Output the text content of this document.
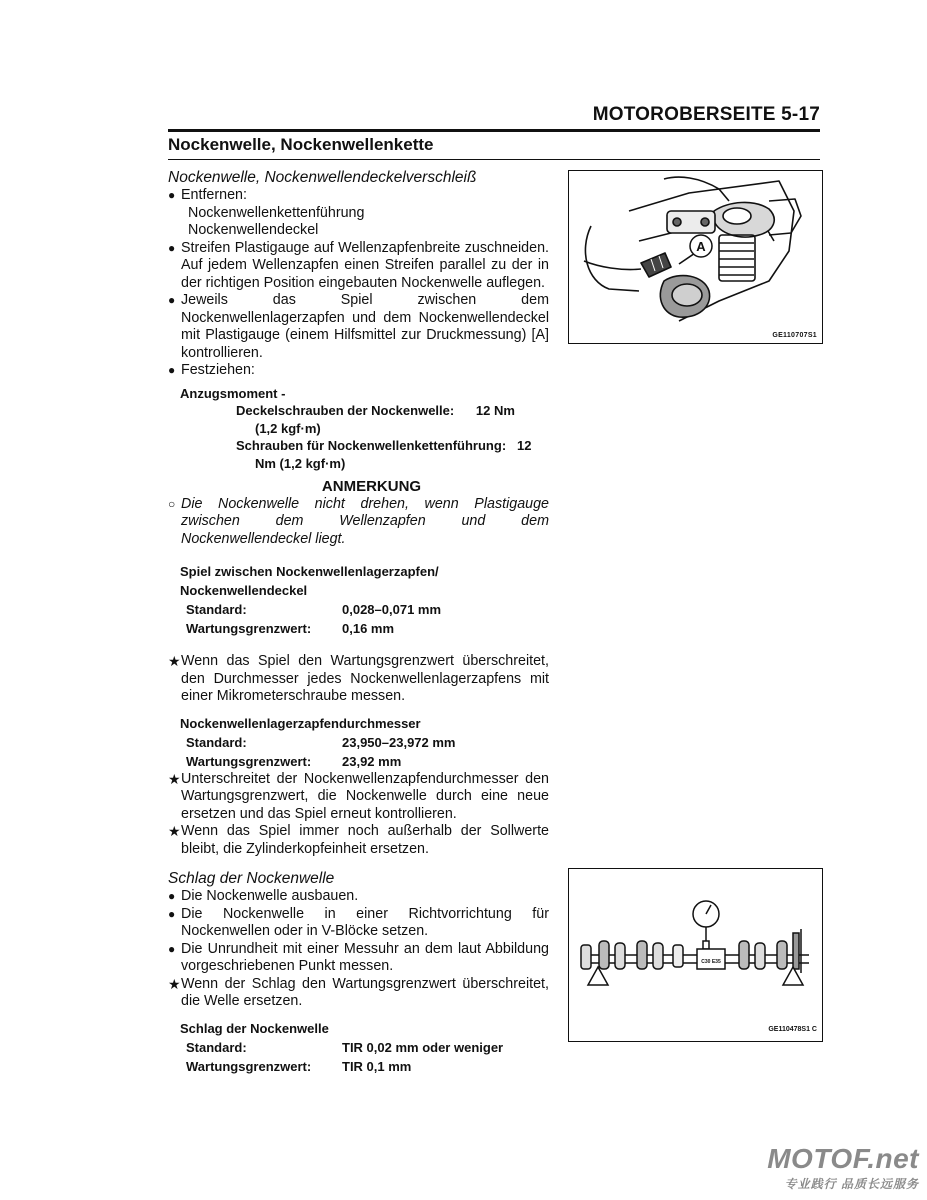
MOTOROBERSEITE 5-17
Nockenwelle, Nockenwellenkette
Nockenwelle, Nockenwellendeckelverschleiß
● Entfernen:
Nockenwellenkettenführung
Nockenwellendeckel
● Streifen Plastigauge auf Wellenzapfenbreite zuschneiden. Auf jedem Wellenzapfen einen Streifen parallel zu der in der richtigen Position eingebauten Nockenwelle auflegen.
● Jeweils das Spiel zwischen dem Nockenwellenlagerzapfen und dem Nockenwellendeckel mit Plastigauge (einem Hilfsmittel zur Druckmessung) [A] kontrollieren.
● Festziehen:
Anzugsmoment -
Deckelschrauben der Nockenwelle:      12 Nm
(1,2 kgf·m)
Schrauben für Nockenwellenkettenführung:   12
Nm (1,2 kgf·m)
ANMERKUNG
○ Die Nockenwelle nicht drehen, wenn Plastigauge zwischen dem Wellenzapfen und dem Nockenwellendeckel liegt.
Spiel zwischen Nockenwellenlagerzapfen/
Nockenwellendeckel
Standard:	0,028–0,071 mm
Wartungsgrenzwert:	0,16 mm
★ Wenn das Spiel den Wartungsgrenzwert überschreitet, den Durchmesser jedes Nockenwellenlagerzapfens mit einer Mikrometerschraube messen.
Nockenwellenlagerzapfendurchmesser
Standard:	23,950–23,972 mm
Wartungsgrenzwert:	23,92 mm
★ Unterschreitet der Nockenwellenzapfendurchmesser den Wartungsgrenzwert, die Nockenwelle durch eine neue ersetzen und das Spiel erneut kontrollieren.
★ Wenn das Spiel immer noch außerhalb der Sollwerte bleibt, die Zylinderkopfeinheit ersetzen.
Schlag der Nockenwelle
● Die Nockenwelle ausbauen.
● Die Nockenwelle in einer Richtvorrichtung für Nockenwellen oder in V-Blöcke setzen.
● Die Unrundheit mit einer Messuhr an dem laut Abbildung vorgeschriebenen Punkt messen.
★ Wenn der Schlag den Wartungsgrenzwert überschreitet, die Welle ersetzen.
Schlag der Nockenwelle
Standard:	TIR 0,02 mm oder weniger
Wartungsgrenzwert:	TIR 0,1 mm
A
GE110707S1
C30 E35
GE110478S1 C
MOTOF.net
专业践行 品质长远服务
